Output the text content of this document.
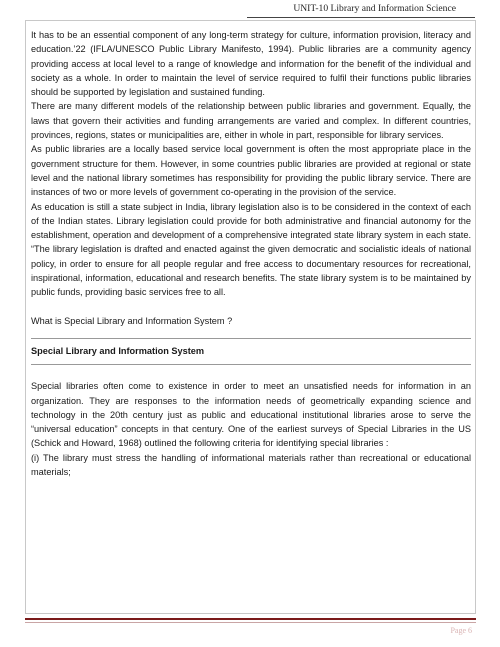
UNIT-10 Library and Information Science

It has to be an essential component of any long-term strategy for culture, information provision, literacy and education.’22 (IFLA/UNESCO Public Library Manifesto, 1994). Public libraries are a community agency providing access at local level to a range of knowledge and information for the benefit of the individual and society as a whole. In order to maintain the level of service required to fulfil their functions public libraries should be supported by legislation and sustained funding.

There are many different models of the relationship between public libraries and government. Equally, the laws that govern their activities and funding arrangements are varied and complex. In different countries, provinces, regions, states or municipalities are, either in whole in part, responsible for library services.

As public libraries are a locally based service local government is often the most appropriate place in the government structure for them. However, in some countries public libraries are provided at regional or state level and the national library sometimes has responsibility for providing the public library service. There are instances of two or more levels of government co-operating in the provision of the service.

As education is still a state subject in India, library legislation also is to be considered in the context of each of the Indian states. Library legislation could provide for both administrative and financial autonomy for the establishment, operation and development of a comprehensive integrated state library system in each state. “The library legislation is drafted and enacted against the given democratic and socialistic ideals of national policy, in order to ensure for all people regular and free access to documentary resources for recreational, inspirational, information, educational and research benefits. The state library system is to be maintained by public funds, providing basic services free to all.

What is Special Library and Information System ?

Special Library and Information System

Special libraries often come to existence in order to meet an unsatisfied needs for information in an organization. They are responses to the information needs of geometrically expanding science and technology in the 20th century just as public and educational institutional libraries arose to serve the “universal education” concepts in that century. One of the earliest surveys of Special Libraries in the US (Schick and Howard, 1968) outlined the following criteria for identifying special libraries :

(i) The library must stress the handling of informational materials rather than recreational or educational materials;

Page 6
